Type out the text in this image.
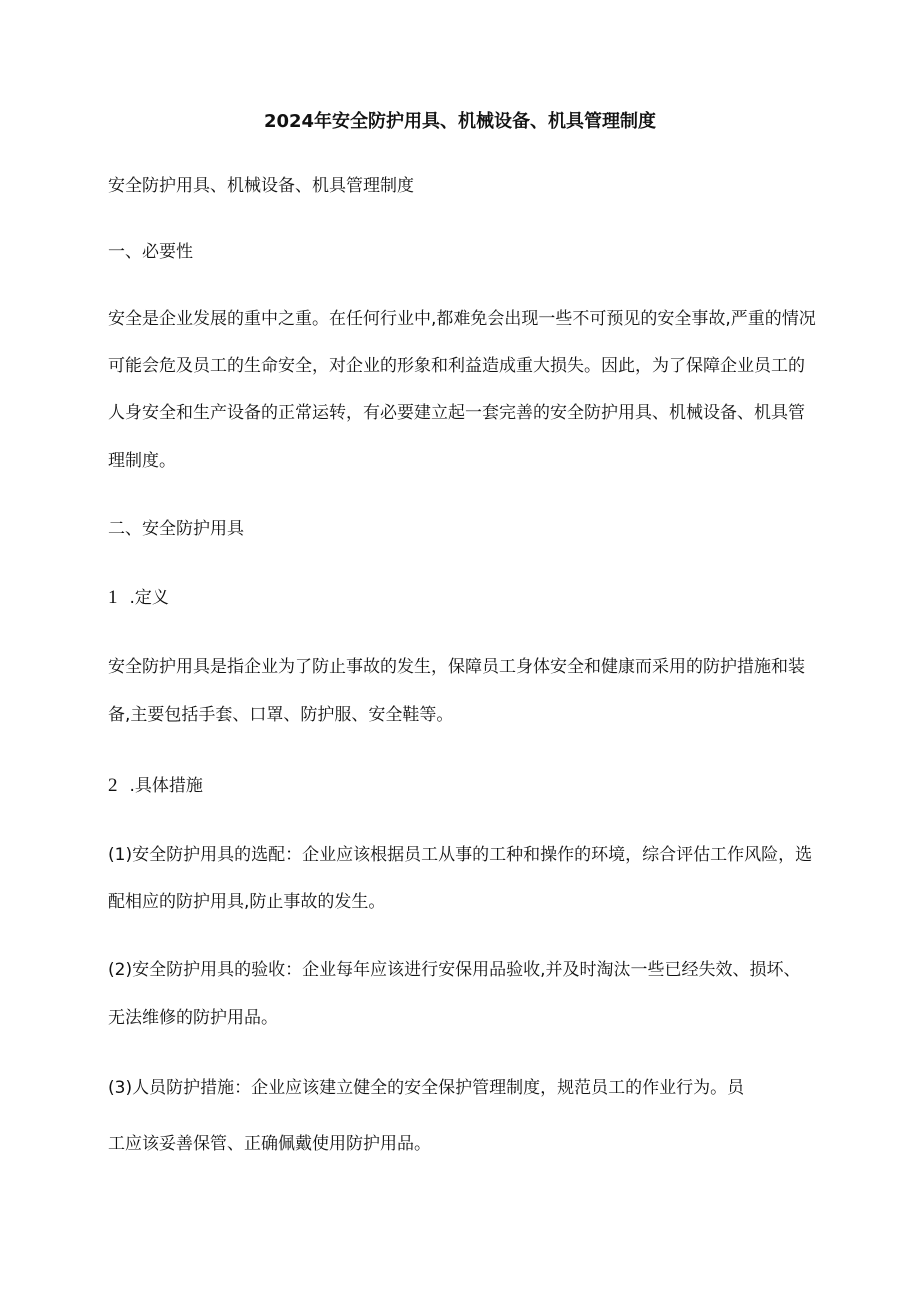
2024年安全防护用具、机械设备、机具管理制度
安全防护用具、机械设备、机具管理制度
一、必要性
安全是企业发展的重中之重。在任何行业中,都难免会出现一些不可预见的安全事故,严重的情况
可能会危及员工的生命安全，对企业的形象和利益造成重大损失。因此，为了保障企业员工的
人身安全和生产设备的正常运转，有必要建立起一套完善的安全防护用具、机械设备、机具管
理制度。
二、安全防护用具
1 .定义
安全防护用具是指企业为了防止事故的发生，保障员工身体安全和健康而采用的防护措施和装
备,主要包括手套、口罩、防护服、安全鞋等。
2 .具体措施
(1)安全防护用具的选配：企业应该根据员工从事的工种和操作的环境，综合评估工作风险，选
配相应的防护用具,防止事故的发生。
(2)安全防护用具的验收：企业每年应该进行安保用品验收,并及时淘汰一些已经失效、损坏、
无法维修的防护用品。
(3)人员防护措施：企业应该建立健全的安全保护管理制度，规范员工的作业行为。员
工应该妥善保管、正确佩戴使用防护用品。
